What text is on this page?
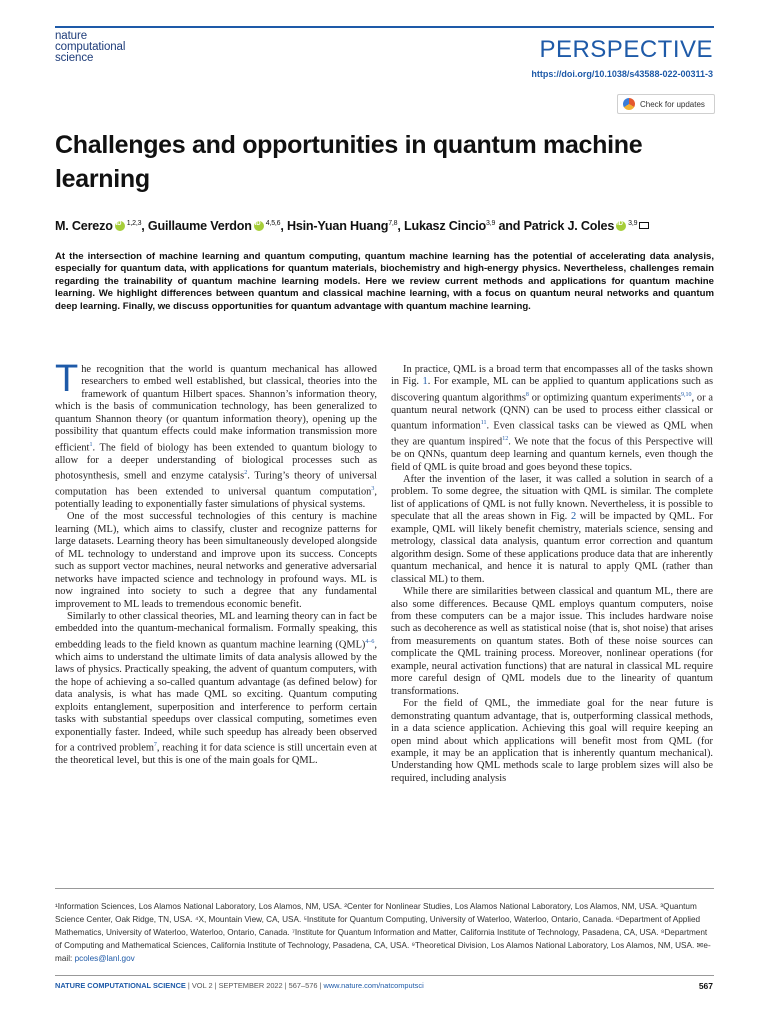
nature
computational
science	PERSPECTIVE
https://doi.org/10.1038/s43588-022-00311-3
Check for updates
Challenges and opportunities in quantum machine learning
M. Cerezo iD $^{1,2,3}$, Guillaume Verdon iD $^{4,5,6}$, Hsin-Yuan Huang$^{7,8}$, Lukasz Cincio$^{3,9}$ and Patrick J. Coles iD $^{3,9}$
At the intersection of machine learning and quantum computing, quantum machine learning has the potential of accelerating data analysis, especially for quantum data, with applications for quantum materials, biochemistry and high-energy physics. Nevertheless, challenges remain regarding the trainability of quantum machine learning models. Here we review current methods and applications for quantum machine learning. We highlight differences between quantum and classical machine learning, with a focus on quantum neural networks and quantum deep learning. Finally, we discuss opportunities for quantum advantage with quantum machine learning.

The recognition that the world is quantum mechanical has allowed researchers to embed well established, but classical, theories into the framework of quantum Hilbert spaces. Shannon’s information theory, which is the basis of communication technology, has been generalized to quantum Shannon theory (or quantum information theory), opening up the possibility that quantum effects could make information transmission more efficient$^1$. The field of biology has been extended to quantum biology to allow for a deeper understanding of biological processes such as photosynthesis, smell and enzyme catalysis$^2$. Turing’s theory of universal computation has been extended to universal quantum computation$^3$, potentially leading to exponentially faster simulations of physical systems.

One of the most successful technologies of this century is machine learning (ML), which aims to classify, cluster and recognize patterns for large datasets. Learning theory has been simultaneously developed alongside of ML technology to understand and improve upon its success. Concepts such as support vector machines, neural networks and generative adversarial networks have impacted science and technology in profound ways. ML is now ingrained into society to such a degree that any fundamental improvement to ML leads to tremendous economic benefit.

Similarly to other classical theories, ML and learning theory can in fact be embedded into the quantum-mechanical formalism. Formally speaking, this embedding leads to the field known as quantum machine learning (QML)$^{4-6}$, which aims to understand the ultimate limits of data analysis allowed by the laws of physics. Practically speaking, the advent of quantum computers, with the hope of achieving a so-called quantum advantage (as defined below) for data analysis, is what has made QML so exciting. Quantum computing exploits entanglement, superposition and interference to perform certain tasks with substantial speedups over classical computing, sometimes even exponentially faster. Indeed, while such speedup has already been observed for a contrived problem$^7$, reaching it for data science is still uncertain even at the theoretical level, but this is one of the main goals for QML.

In practice, QML is a broad term that encompasses all of the tasks shown in Fig. 1. For example, ML can be applied to quantum applications such as discovering quantum algorithms$^8$ or optimizing quantum experiments$^{9,10}$, or a quantum neural network (QNN) can be used to process either classical or quantum information$^{11}$. Even classical tasks can be viewed as QML when they are quantum inspired$^{12}$. We note that the focus of this Perspective will be on QNNs, quantum deep learning and quantum kernels, even though the field of QML is quite broad and goes beyond these topics.

After the invention of the laser, it was called a solution in search of a problem. To some degree, the situation with QML is similar. The complete list of applications of QML is not fully known. Nevertheless, it is possible to speculate that all the areas shown in Fig. 2 will be impacted by QML. For example, QML will likely benefit chemistry, materials science, sensing and metrology, classical data analysis, quantum error correction and quantum algorithm design. Some of these applications produce data that are inherently quantum mechanical, and hence it is natural to apply QML (rather than classical ML) to them.

While there are similarities between classical and quantum ML, there are also some differences. Because QML employs quantum computers, noise from these computers can be a major issue. This includes hardware noise such as decoherence as well as statistical noise (that is, shot noise) that arises from measurements on quantum states. Both of these noise sources can complicate the QML training process. Moreover, nonlinear operations (for example, neural activation functions) that are natural in classical ML require more careful design of QML models due to the linearity of quantum transformations.

For the field of QML, the immediate goal for the near future is demonstrating quantum advantage, that is, outperforming classical methods, in a data science application. Achieving this goal will require keeping an open mind about which applications will benefit most from QML (for example, it may be an application that is inherently quantum mechanical). Understanding how QML methods scale to large problem sizes will also be required, including analysis

¹Information Sciences, Los Alamos National Laboratory, Los Alamos, NM, USA. ²Center for Nonlinear Studies, Los Alamos National Laboratory, Los Alamos, NM, USA. ³Quantum Science Center, Oak Ridge, TN, USA. ⁴X, Mountain View, CA, USA. ⁵Institute for Quantum Computing, University of Waterloo, Waterloo, Ontario, Canada. ⁶Department of Applied Mathematics, University of Waterloo, Waterloo, Ontario, Canada. ⁷Institute for Quantum Information and Matter, California Institute of Technology, Pasadena, CA, USA. ⁸Department of Computing and Mathematical Sciences, California Institute of Technology, Pasadena, CA, USA. ⁹Theoretical Division, Los Alamos National Laboratory, Los Alamos, NM, USA. ✉e-mail: pcoles@lanl.gov
NATURE COMPUTATIONAL SCIENCE | VOL 2 | SEPTEMBER 2022 | 567–576 | www.nature.com/natcomputsci	567
